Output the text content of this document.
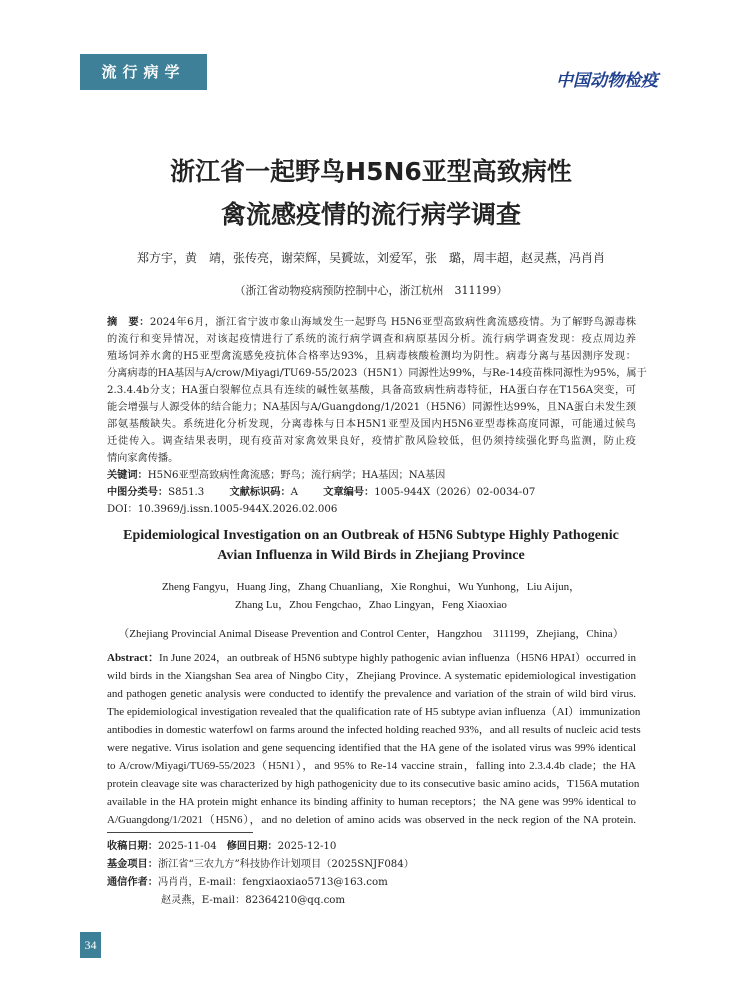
流行病学	中国动物检疫
浙江省一起野鸟H5N6亚型高致病性
禽流感疫情的流行病学调查
郑方宇，黄　靖，张传亮，谢荣辉，吴贇竑，刘爱军，张　璐，周丰超，赵灵燕，冯肖肖
（浙江省动物疫病预防控制中心，浙江杭州　311199）
摘　要：2024年6月，浙江省宁波市象山海域发生一起野鸟 H5N6亚型高致病性禽流感疫情。为了解野鸟源毒株
的流行和变异情况，对该起疫情进行了系统的流行病学调查和病原基因分析。流行病学调查发现：疫点周边养
殖场饲养水禽的H5亚型禽流感免疫抗体合格率达93%，且病毒核酸检测均为阴性。病毒分离与基因测序发现：
分离病毒的HA基因与A/crow/Miyagi/TU69-55/2023（H5N1）同源性达99%，与Re-14疫苗株同源性为95%，属于
2.3.4.4b分支；HA蛋白裂解位点具有连续的碱性氨基酸，具备高致病性病毒特征，HA蛋白存在T156A突变，可
能会增强与人源受体的结合能力；NA基因与A/Guangdong/1/2021（H5N6）同源性达99%，且NA蛋白未发生颈
部氨基酸缺失。系统进化分析发现，分离毒株与日本H5N1亚型及国内H5N6亚型毒株高度同源，可能通过候鸟
迁徙传入。调查结果表明，现有疫苗对家禽效果良好，疫情扩散风险较低，但仍须持续强化野鸟监测，防止疫
情向家禽传播。
关键词：H5N6亚型高致病性禽流感；野鸟；流行病学；HA基因；NA基因
中图分类号：S851.3 文献标识码：A 文章编号：1005-944X（2026）02-0034-07
DOI：10.3969/j.issn.1005-944X.2026.02.006
Epidemiological Investigation on an Outbreak of H5N6 Subtype Highly Pathogenic
Avian Influenza in Wild Birds in Zhejiang Province
Zheng Fangyu，Huang Jing，Zhang Chuanliang，Xie Ronghui，Wu Yunhong，Liu Aijun，
Zhang Lu，Zhou Fengchao，Zhao Lingyan，Feng Xiaoxiao
（Zhejiang Provincial Animal Disease Prevention and Control Center，Hangzhou　311199，Zhejiang，China）
Abstract：In June 2024，an outbreak of H5N6 subtype highly pathogenic avian influenza（H5N6 HPAI）occurred in
wild birds in the Xiangshan Sea area of Ningbo City，Zhejiang Province. A systematic epidemiological investigation
and pathogen genetic analysis were conducted to identify the prevalence and variation of the strain of wild bird virus.
The epidemiological investigation revealed that the qualification rate of H5 subtype avian influenza（AI）immunization
antibodies in domestic waterfowl on farms around the infected holding reached 93%，and all results of nucleic acid tests
were negative. Virus isolation and gene sequencing identified that the HA gene of the isolated virus was 99% identical
to A/crow/Miyagi/TU69-55/2023（H5N1），and 95% to Re-14 vaccine strain，falling into 2.3.4.4b clade；the HA
protein cleavage site was characterized by high pathogenicity due to its consecutive basic amino acids，T156A mutation
available in the HA protein might enhance its binding affinity to human receptors；the NA gene was 99% identical to
A/Guangdong/1/2021（H5N6），and no deletion of amino acids was observed in the neck region of the NA protein.
收稿日期：2025-11-04 修回日期：2025-12-10
基金项目：浙江省“三农九方”科技协作计划项目（2025SNJF084）
通信作者：冯肖肖，E-mail：fengxiaoxiao5713@163.com
赵灵燕，E-mail：82364210@qq.com
34
